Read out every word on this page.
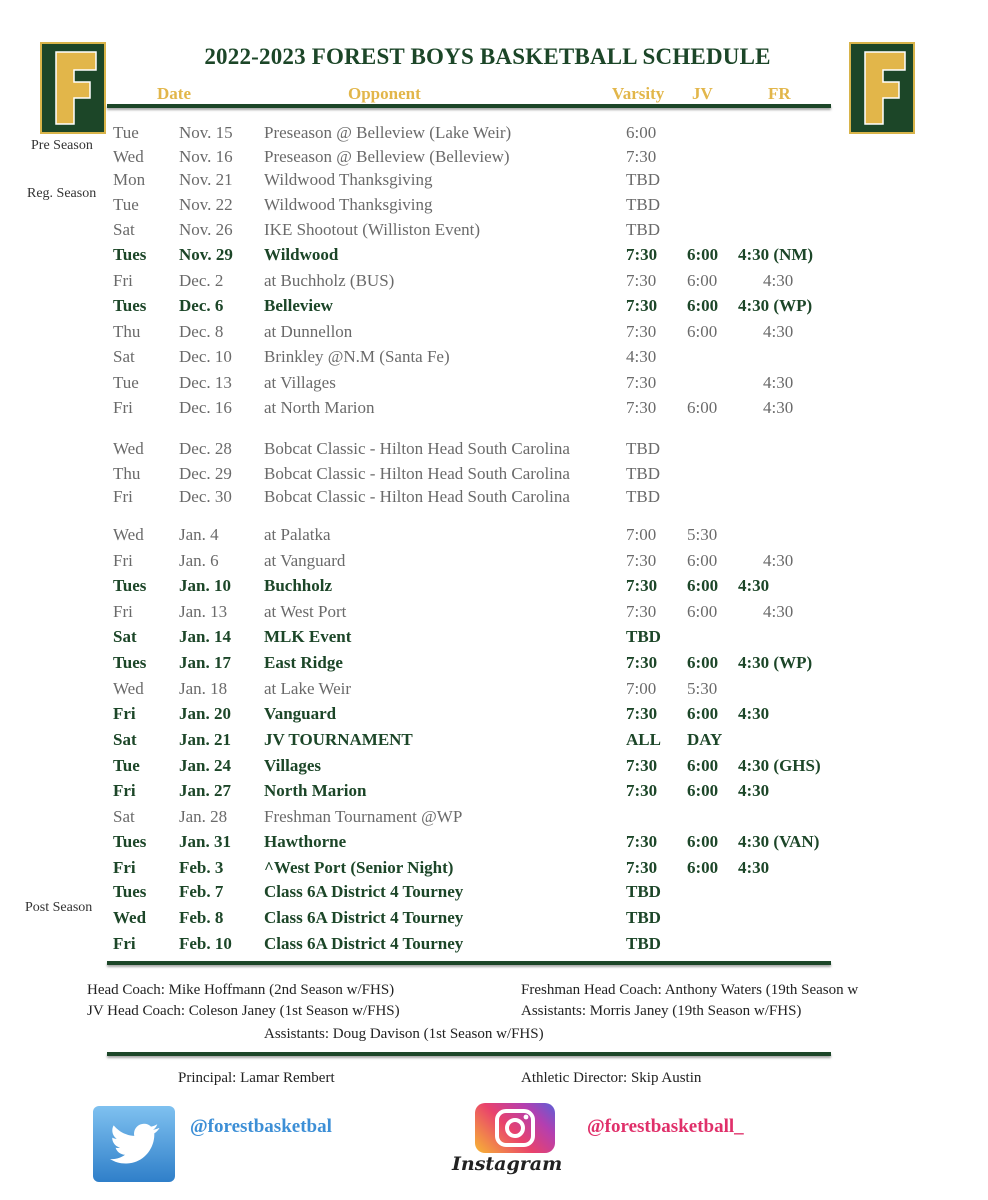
2022-2023 FOREST BOYS BASKETBALL SCHEDULE
Date	Opponent	Varsity JV	FR
Pre Season
Reg. Season
Post Season
Tue Nov. 15 Preseason @ Belleview (Lake Weir)	6:00
Wed Nov. 16 Preseason @ Belleview (Belleview)	7:30
Mon Nov. 21 Wildwood Thanksgiving	TBD
Tue Nov. 22 Wildwood Thanksgiving	TBD
Sat	Nov. 26 IKE Shootout (Williston Event)	TBD
Tues Nov. 29 Wildwood	7:30 6:00 4:30 (NM)
Fri	Dec. 2 at Buchholz (BUS)	7:30 6:00	4:30
Tues Dec. 6 Belleview	7:30 6:00 4:30 (WP)
Thu Dec. 8 at Dunnellon	7:30 6:00	4:30
Sat	Dec. 10 Brinkley @N.M (Santa Fe)	4:30
Tue Dec. 13 at Villages	7:30	4:30
Fri	Dec. 16 at North Marion	7:30 6:00	4:30
Wed Dec. 28 Bobcat Classic - Hilton Head South Carolina	TBD
Thu Dec. 29 Bobcat Classic - Hilton Head South Carolina	TBD
Fri	Dec. 30 Bobcat Classic - Hilton Head South Carolina	TBD
Wed Jan. 4	at Palatka	7:00 5:30
Fri	Jan. 6	at Vanguard	7:30 6:00	4:30
Tues Jan. 10 Buchholz	7:30 6:00 4:30
Fri	Jan. 13 at West Port	7:30 6:00	4:30
Sat Jan. 14 MLK Event	TBD
Tues Jan. 17 East Ridge	7:30 6:00 4:30 (WP)
Wed Jan. 18 at Lake Weir	7:00 5:30
Fri	Jan. 20 Vanguard	7:30 6:00 4:30
Sat Jan. 21 JV TOURNAMENT	ALL DAY
Tue Jan. 24 Villages	7:30 6:00 4:30 (GHS)
Fri	Jan. 27 North Marion	7:30 6:00 4:30
Sat	Jan. 28 Freshman Tournament @WP
Tues Jan. 31 Hawthorne	7:30 6:00 4:30 (VAN)
Fri	Feb. 3 ^West Port (Senior Night)	7:30 6:00 4:30
Tues Feb. 7 Class 6A District 4 Tourney	TBD
Wed Feb. 8 Class 6A District 4 Tourney	TBD
Fri	Feb. 10 Class 6A District 4 Tourney	TBD
Head Coach: Mike Hoffmann (2nd Season w/FHS)
JV Head Coach: Coleson Janey (1st Season w/FHS)
Assistants: Doug Davison (1st Season w/FHS)
Freshman Head Coach: Anthony Waters (19th Season w
Assistants: Morris Janey (19th Season w/FHS)
Principal: Lamar Rembert	Athletic Director: Skip Austin
@forestbasketbal
Instagram
@forestbasketball_
